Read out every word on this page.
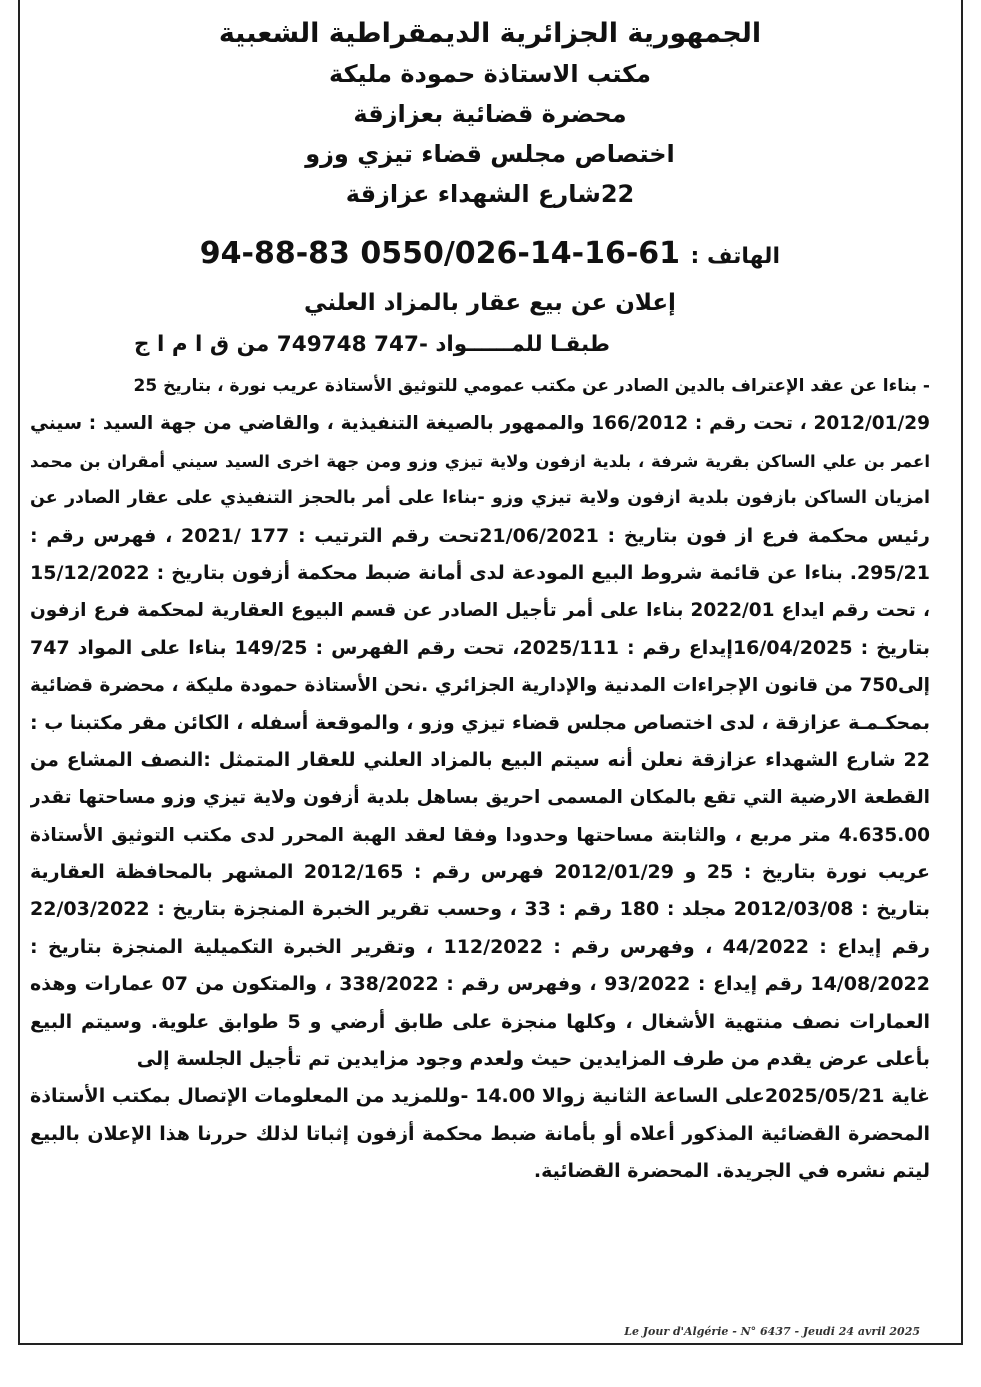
الجمهورية الجزائرية الديمقراطية الشعبية
مكتب الاستاذة حمودة مليكة
محضرة قضائية بعزازقة
اختصاص مجلس قضاء تيزي وزو
22شارع الشهداء عزازقة
الهاتف : 94-88-83 0550/026-14-16-61
إعلان عن بيع عقار بالمزاد العلني
طبقـا للمــــــواد -747 749748 من ق ا م ا ج
- بناءا عن عقد الإعتراف بالدين الصادر عن مكتب عمومي للتوثيق الأستاذة عريب نورة ، بتاريخ 25
2012/01/29 ، تحت رقم : 166/2012 والممهور بالصيغة التنفيذية ، والقاضي من جهة السيد : سيني
اعمر بن علي الساكن بقرية شرفة ، بلدية ازفون ولاية تيزي وزو ومن جهة اخرى السيد سيني أمقران بن محمد
امزيان الساكن بازفون بلدية ازفون ولاية تيزي وزو -بناءا على أمر بالحجز التنفيذي على عقار الصادر عن
رئيس محكمة فرع از فون بتاريخ : 21/06/2021تحت رقم الترتيب : 177 /2021 ، فهرس رقم :
295/21. بناءا عن قائمة شروط البيع المودعة لدى أمانة ضبط محكمة أزفون بتاريخ : 15/12/2022
، تحت رقم ايداع 2022/01 بناءا على أمر تأجيل الصادر عن قسم البيوع العقارية لمحكمة فرع ازفون
بتاريخ : 16/04/2025إيداع رقم : 2025/111، تحت رقم الفهرس : 149/25 بناءا على المواد 747
إلى750 من قانون الإجراءات المدنية والإدارية الجزائري .نحن الأستاذة حمودة مليكة ، محضرة قضائية
بمحكـمـة عزازقة ، لدى اختصاص مجلس قضاء تيزي وزو ، والموقعة أسفله ، الكائن مقر مكتبنا ب :
22 شارع الشهداء عزازقة نعلن أنه سيتم البيع بالمزاد العلني للعقار المتمثل :النصف المشاع من
القطعة الارضية التي تقع بالمكان المسمى احريق بساهل بلدية أزفون ولاية تيزي وزو مساحتها تقدر
4.635.00 متر مربع ، والثابتة مساحتها وحدودا وفقا لعقد الهبة المحرر لدى مكتب التوثيق الأستاذة
عريب نورة بتاريخ : 25 و 2012/01/29 فهرس رقم : 2012/165 المشهر بالمحافظة العقارية
بتاريخ : 2012/03/08 مجلد : 180 رقم : 33 ، وحسب تقرير الخبرة المنجزة بتاريخ : 22/03/2022
رقم إيداع : 44/2022 ، وفهرس رقم : 112/2022 ، وتقرير الخبرة التكميلية المنجزة بتاريخ :
14/08/2022 رقم إيداع : 93/2022 ، وفهرس رقم : 338/2022 ، والمتكون من 07 عمارات وهذه
العمارات نصف منتهية الأشغال ، وكلها منجزة على طابق أرضي و 5 طوابق علوية. وسيتم البيع
بأعلى عرض يقدم من طرف المزايدين حيث ولعدم وجود مزايدين تم تأجيل الجلسة إلى
غاية 2025/05/21على الساعة الثانية زوالا 14.00 -وللمزيد من المعلومات الإتصال بمكتب الأستاذة
المحضرة القضائية المذكور أعلاه أو بأمانة ضبط محكمة أزفون إثباتا لذلك حررنا هذا الإعلان بالبيع
ليتم نشره في الجريدة. المحضرة القضائية.
Le Jour d'Algérie - N° 6437 - Jeudi 24 avril 2025
